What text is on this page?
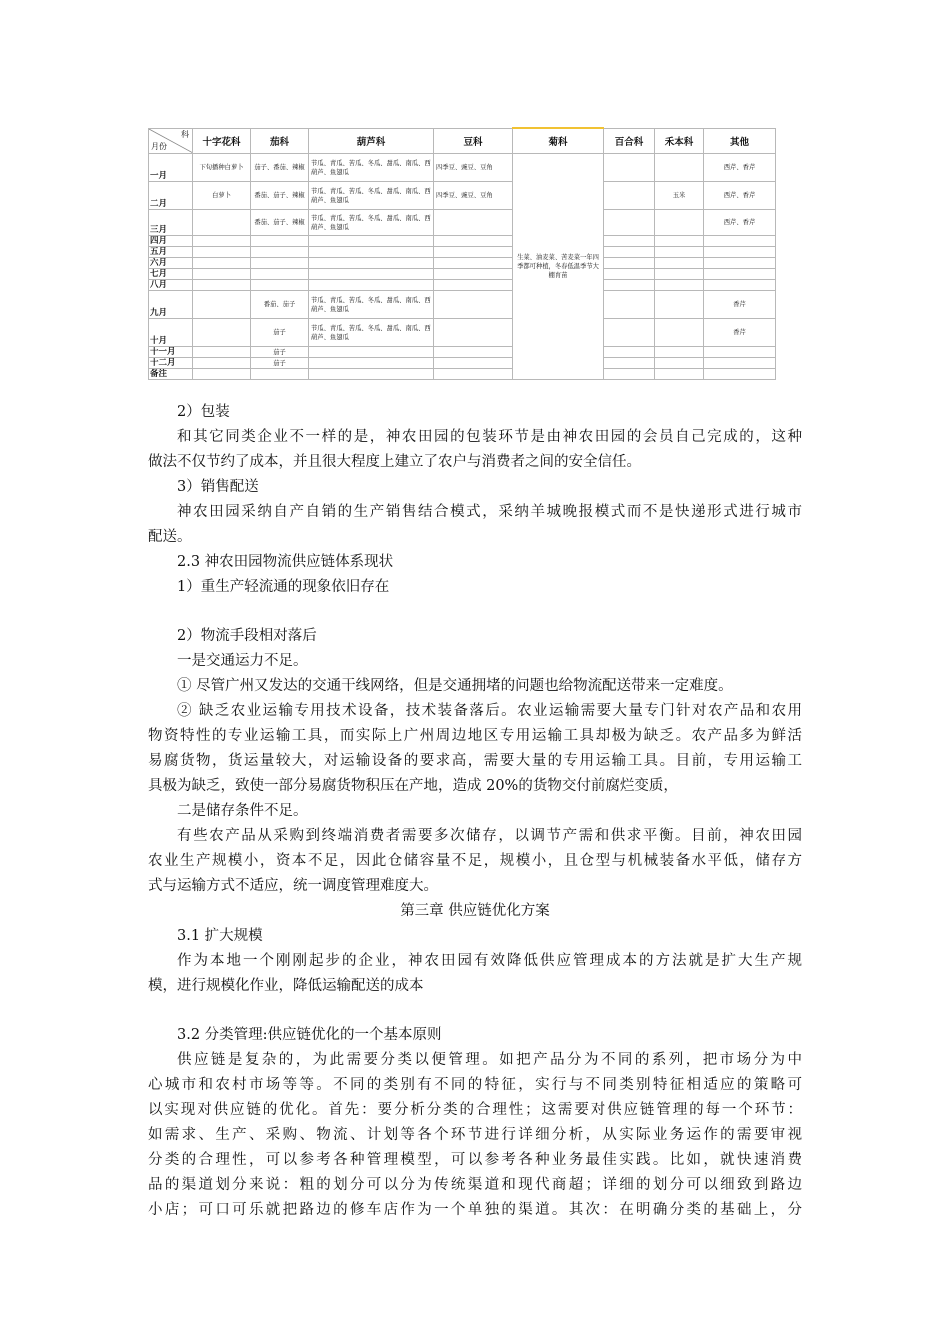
科
月份	十字花科	茄科	葫芦科	豆科	菊科	百合科	禾本科	其他
一月	下旬播种白萝卜	茄子、番茄、辣椒	节瓜、青瓜、苦瓜、冬瓜、甜瓜、南瓜、西葫芦、鱼翅瓜	四季豆、豌豆、豆角	生菜、油麦菜、苦麦菜一年四季都可种植，冬春低温季节大棚育苗			西芹、香芹
二月	白萝卜	番茄、茄子、辣椒	节瓜、青瓜、苦瓜、冬瓜、甜瓜、南瓜、西葫芦、鱼翅瓜	四季豆、豌豆、豆角			玉米	西芹、香芹
三月		番茄、茄子、辣椒	节瓜、青瓜、苦瓜、冬瓜、甜瓜、南瓜、西葫芦、鱼翅瓜					西芹、香芹
四月								
五月								
六月								
七月								
八月								
九月		番茄、茄子	节瓜、青瓜、苦瓜、冬瓜、甜瓜、南瓜、西葫芦、鱼翅瓜					香芹
十月		茄子	节瓜、青瓜、苦瓜、冬瓜、甜瓜、南瓜、西葫芦、鱼翅瓜					香芹
十一月		茄子						
十二月		茄子						
备注								

2）包装

和其它同类企业不一样的是，神农田园的包装环节是由神农田园的会员自己完成的，这种

做法不仅节约了成本，并且很大程度上建立了农户与消费者之间的安全信任。

3）销售配送

神农田园采纳自产自销的生产销售结合模式，采纳羊城晚报模式而不是快递形式进行城市

配送。

2.3 神农田园物流供应链体系现状

1）重生产轻流通的现象依旧存在

2）物流手段相对落后

一是交通运力不足。

① 尽管广州又发达的交通干线网络，但是交通拥堵的问题也给物流配送带来一定难度。

② 缺乏农业运输专用技术设备，技术装备落后。农业运输需要大量专门针对农产品和农用

物资特性的专业运输工具，而实际上广州周边地区专用运输工具却极为缺乏。农产品多为鲜活

易腐货物，货运量较大，对运输设备的要求高，需要大量的专用运输工具。目前，专用运输工

具极为缺乏，致使一部分易腐货物积压在产地，造成 20%的货物交付前腐烂变质，

二是储存条件不足。

有些农产品从采购到终端消费者需要多次储存，以调节产需和供求平衡。目前，神农田园

农业生产规模小，资本不足，因此仓储容量不足，规模小，且仓型与机械装备水平低，储存方

式与运输方式不适应，统一调度管理难度大。

第三章 供应链优化方案

3.1 扩大规模

作为本地一个刚刚起步的企业，神农田园有效降低供应管理成本的方法就是扩大生产规

模，进行规模化作业，降低运输配送的成本

3.2 分类管理:供应链优化的一个基本原则

供应链是复杂的，为此需要分类以便管理。如把产品分为不同的系列，把市场分为中

心城市和农村市场等等。不同的类别有不同的特征，实行与不同类别特征相适应的策略可

以实现对供应链的优化。首先：要分析分类的合理性；这需要对供应链管理的每一个环节：

如需求、生产、采购、物流、计划等各个环节进行详细分析，从实际业务运作的需要审视

分类的合理性，可以参考各种管理模型，可以参考各种业务最佳实践。比如，就快速消费

品的渠道划分来说：粗的划分可以分为传统渠道和现代商超；详细的划分可以细致到路边

小店；可口可乐就把路边的修车店作为一个单独的渠道。其次：在明确分类的基础上，分
